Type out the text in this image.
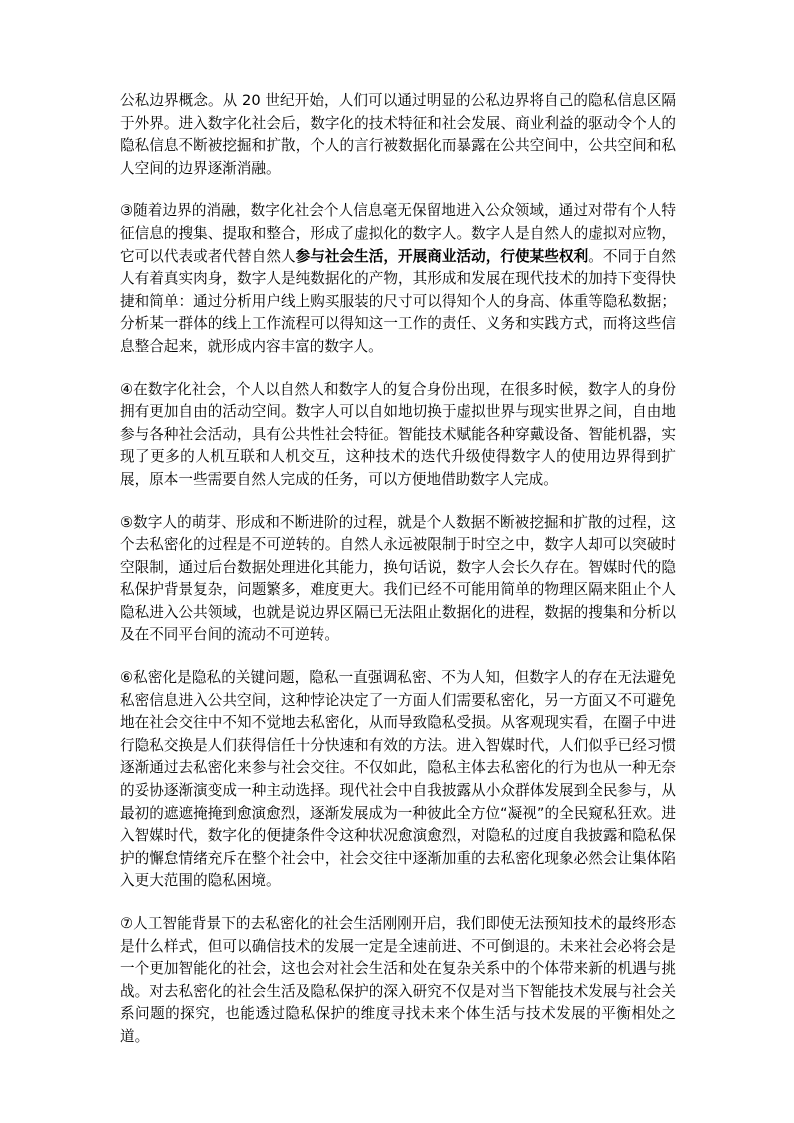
公私边界概念。从 20 世纪开始，人们可以通过明显的公私边界将自己的隐私信息区隔于外界。进入数字化社会后，数字化的技术特征和社会发展、商业利益的驱动令个人的隐私信息不断被挖掘和扩散，个人的言行被数据化而暴露在公共空间中，公共空间和私人空间的边界逐渐消融。

③随着边界的消融，数字化社会个人信息毫无保留地进入公众领域，通过对带有个人特征信息的搜集、提取和整合，形成了虚拟化的数字人。数字人是自然人的虚拟对应物，它可以代表或者代替自然人参与社会生活，开展商业活动，行使某些权利。不同于自然人有着真实肉身，数字人是纯数据化的产物，其形成和发展在现代技术的加持下变得快捷和简单：通过分析用户线上购买服装的尺寸可以得知个人的身高、体重等隐私数据；分析某一群体的线上工作流程可以得知这一工作的责任、义务和实践方式，而将这些信息整合起来，就形成内容丰富的数字人。

④在数字化社会，个人以自然人和数字人的复合身份出现，在很多时候，数字人的身份拥有更加自由的活动空间。数字人可以自如地切换于虚拟世界与现实世界之间，自由地参与各种社会活动，具有公共性社会特征。智能技术赋能各种穿戴设备、智能机器，实现了更多的人机互联和人机交互，这种技术的迭代升级使得数字人的使用边界得到扩展，原本一些需要自然人完成的任务，可以方便地借助数字人完成。

⑤数字人的萌芽、形成和不断进阶的过程，就是个人数据不断被挖掘和扩散的过程，这个去私密化的过程是不可逆转的。自然人永远被限制于时空之中，数字人却可以突破时空限制，通过后台数据处理进化其能力，换句话说，数字人会长久存在。智媒时代的隐私保护背景复杂，问题繁多，难度更大。我们已经不可能用简单的物理区隔来阻止个人隐私进入公共领域，也就是说边界区隔已无法阻止数据化的进程，数据的搜集和分析以及在不同平台间的流动不可逆转。

⑥私密化是隐私的关键问题，隐私一直强调私密、不为人知，但数字人的存在无法避免私密信息进入公共空间，这种悖论决定了一方面人们需要私密化，另一方面又不可避免地在社会交往中不知不觉地去私密化，从而导致隐私受损。从客观现实看，在圈子中进行隐私交换是人们获得信任十分快速和有效的方法。进入智媒时代，人们似乎已经习惯逐渐通过去私密化来参与社会交往。不仅如此，隐私主体去私密化的行为也从一种无奈的妥协逐渐演变成一种主动选择。现代社会中自我披露从小众群体发展到全民参与，从最初的遮遮掩掩到愈演愈烈，逐渐发展成为一种彼此全方位“凝视”的全民窥私狂欢。进入智媒时代，数字化的便捷条件令这种状况愈演愈烈，对隐私的过度自我披露和隐私保护的懈怠情绪充斥在整个社会中，社会交往中逐渐加重的去私密化现象必然会让集体陷入更大范围的隐私困境。

⑦人工智能背景下的去私密化的社会生活刚刚开启，我们即使无法预知技术的最终形态是什么样式，但可以确信技术的发展一定是全速前进、不可倒退的。未来社会必将会是一个更加智能化的社会，这也会对社会生活和处在复杂关系中的个体带来新的机遇与挑战。对去私密化的社会生活及隐私保护的深入研究不仅是对当下智能技术发展与社会关系问题的探究，也能透过隐私保护的维度寻找未来个体生活与技术发展的平衡相处之道。
